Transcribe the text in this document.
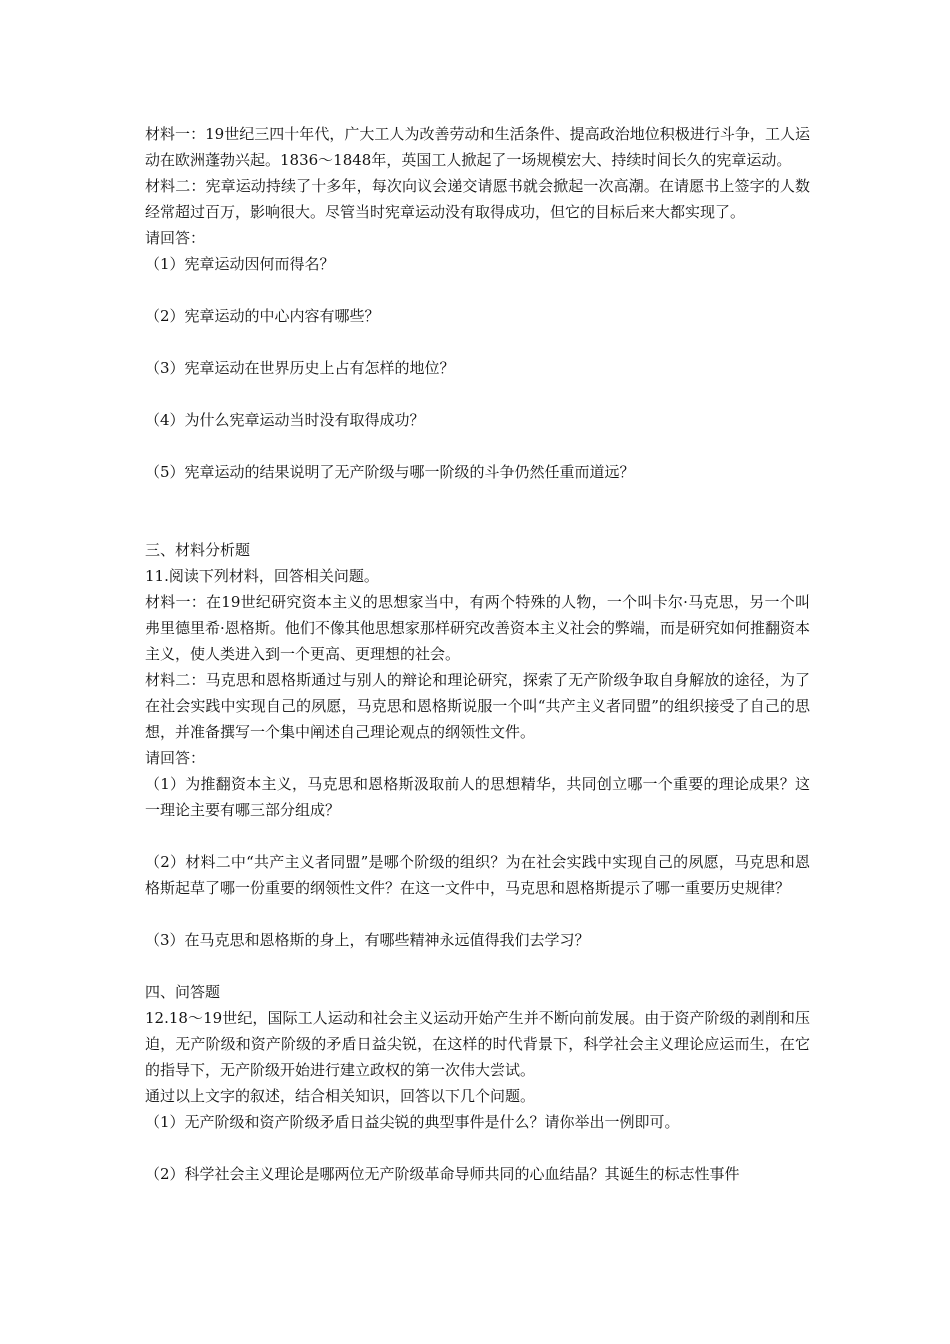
材料一：19世纪三四十年代，广大工人为改善劳动和生活条件、提高政治地位积极进行斗争，工人运动在欧洲蓬勃兴起。1836～1848年，英国工人掀起了一场规模宏大、持续时间长久的宪章运动。

材料二：宪章运动持续了十多年，每次向议会递交请愿书就会掀起一次高潮。在请愿书上签字的人数经常超过百万，影响很大。尽管当时宪章运动没有取得成功，但它的目标后来大都实现了。

请回答：

（1）宪章运动因何而得名？

（2）宪章运动的中心内容有哪些？

（3）宪章运动在世界历史上占有怎样的地位？

（4）为什么宪章运动当时没有取得成功？

（5）宪章运动的结果说明了无产阶级与哪一阶级的斗争仍然任重而道远？

三、材料分析题

11.阅读下列材料，回答相关问题。

材料一：在19世纪研究资本主义的思想家当中，有两个特殊的人物，一个叫卡尔·马克思，另一个叫弗里德里希·恩格斯。他们不像其他思想家那样研究改善资本主义社会的弊端，而是研究如何推翻资本主义，使人类进入到一个更高、更理想的社会。

材料二：马克思和恩格斯通过与别人的辩论和理论研究，探索了无产阶级争取自身解放的途径，为了在社会实践中实现自己的夙愿，马克思和恩格斯说服一个叫“共产主义者同盟”的组织接受了自己的思想，并准备撰写一个集中阐述自己理论观点的纲领性文件。

请回答：

（1）为推翻资本主义，马克思和恩格斯汲取前人的思想精华，共同创立哪一个重要的理论成果？这一理论主要有哪三部分组成？

（2）材料二中“共产主义者同盟”是哪个阶级的组织？为在社会实践中实现自己的夙愿，马克思和恩格斯起草了哪一份重要的纲领性文件？在这一文件中，马克思和恩格斯提示了哪一重要历史规律？

（3）在马克思和恩格斯的身上，有哪些精神永远值得我们去学习？

四、问答题

12.18～19世纪，国际工人运动和社会主义运动开始产生并不断向前发展。由于资产阶级的剥削和压迫，无产阶级和资产阶级的矛盾日益尖锐，在这样的时代背景下，科学社会主义理论应运而生，在它的指导下，无产阶级开始进行建立政权的第一次伟大尝试。

通过以上文字的叙述，结合相关知识，回答以下几个问题。

（1）无产阶级和资产阶级矛盾日益尖锐的典型事件是什么？请你举出一例即可。

（2）科学社会主义理论是哪两位无产阶级革命导师共同的心血结晶？其诞生的标志性事件
